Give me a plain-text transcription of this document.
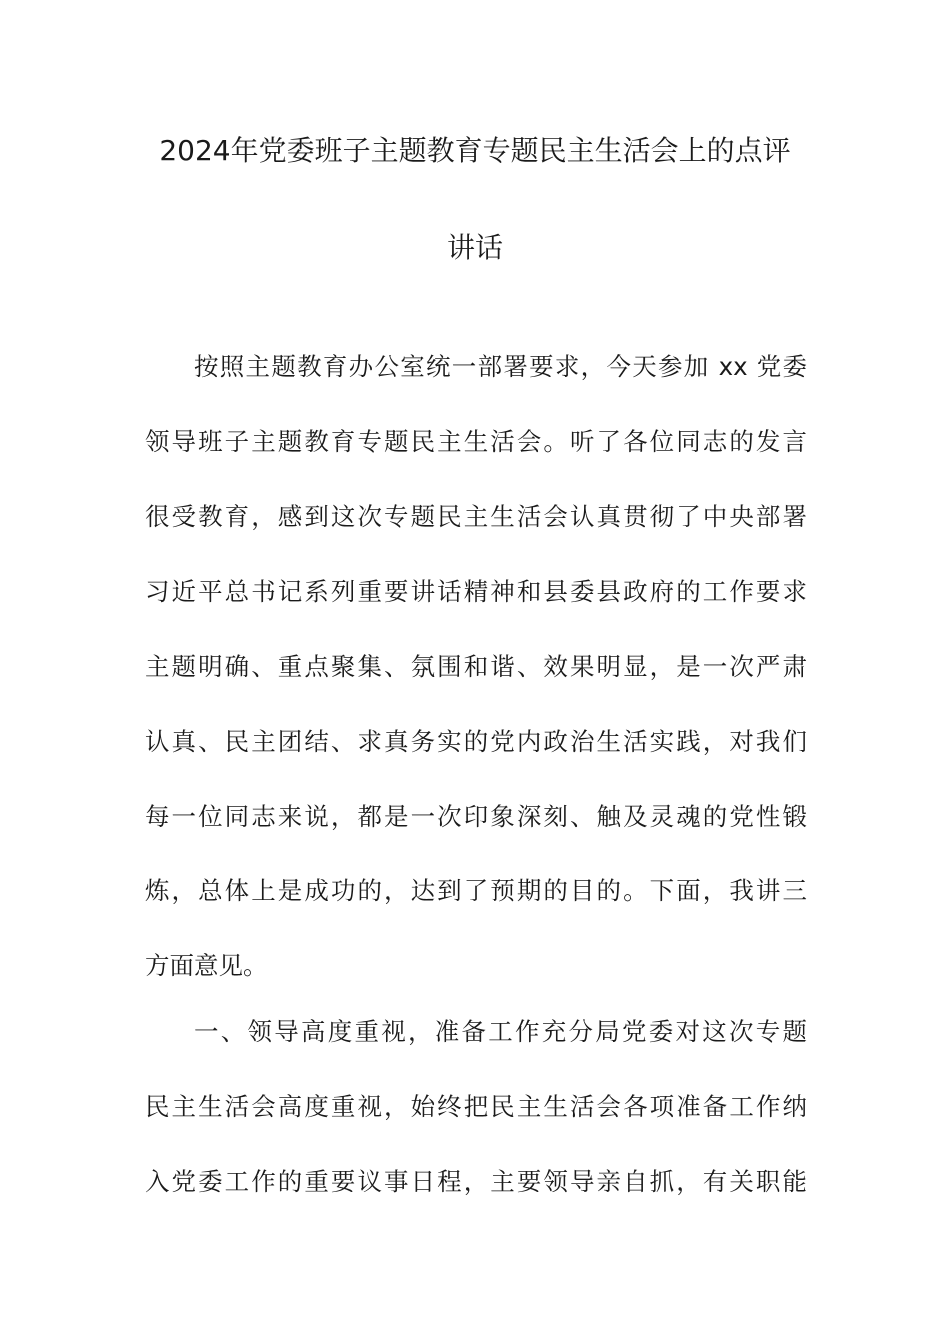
2024年党委班子主题教育专题民主生活会上的点评
讲话
按照主题教育办公室统一部署要求，今天参加 xx 党委
领导班子主题教育专题民主生活会。听了各位同志的发言
很受教育，感到这次专题民主生活会认真贯彻了中央部署
习近平总书记系列重要讲话精神和县委县政府的工作要求
主题明确、重点聚集、氛围和谐、效果明显，是一次严肃
认真、民主团结、求真务实的党内政治生活实践，对我们
每一位同志来说，都是一次印象深刻、触及灵魂的党性锻
炼，总体上是成功的，达到了预期的目的。下面，我讲三
方面意见。
一、领导高度重视，准备工作充分局党委对这次专题
民主生活会高度重视，始终把民主生活会各项准备工作纳
入党委工作的重要议事日程，主要领导亲自抓，有关职能
